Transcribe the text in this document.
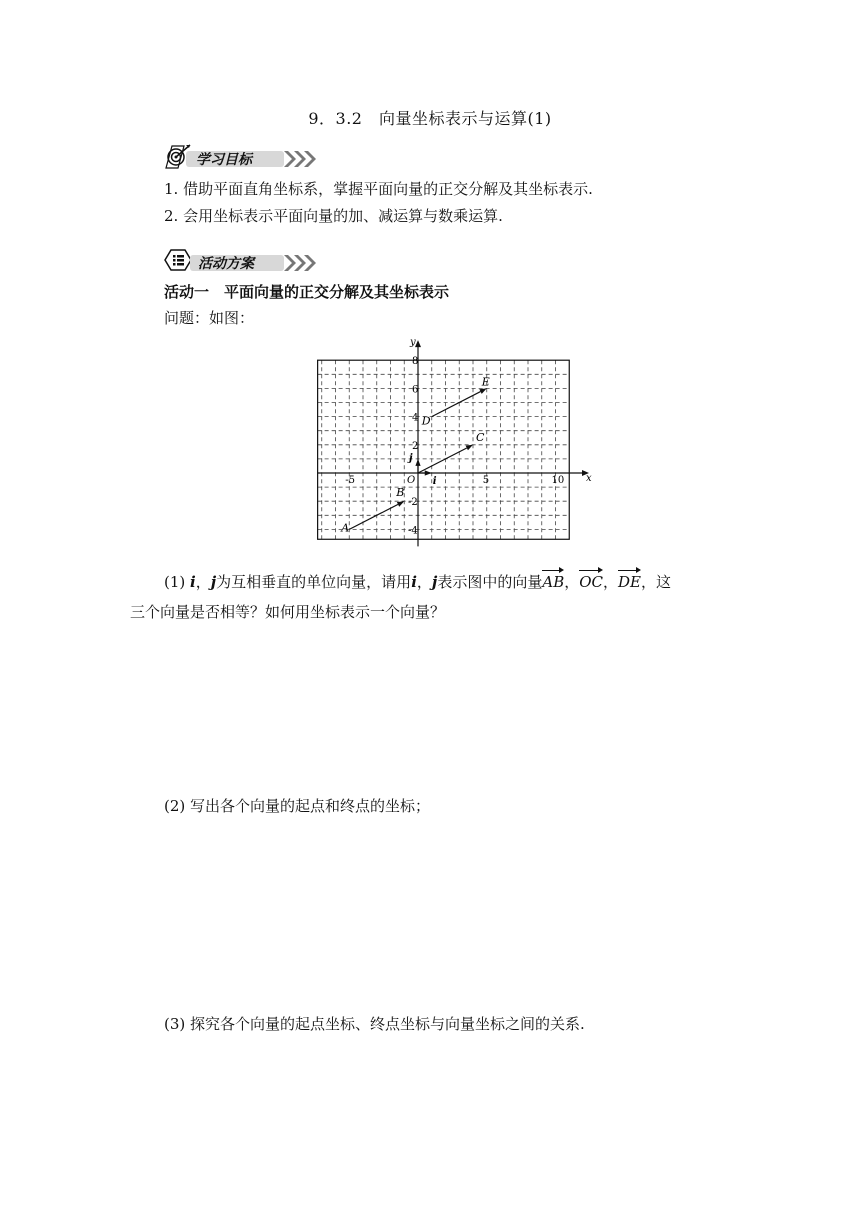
9．3.2　向量坐标表示与运算(1)
学习目标
1. 借助平面直角坐标系，掌握平面向量的正交分解及其坐标表示.
2. 会用坐标表示平面向量的加、减运算与数乘运算.
活动方案
活动一　平面向量的正交分解及其坐标表示
问题：如图：
x
y
-5	5	10
-4
-2
2
4
6
8
O
A
B
C
D
E
i
j
(1) i，j为互相垂直的单位向量，请用i，j表示图中的向量AB，OC，DE，这
三个向量是否相等？如何用坐标表示一个向量？
(2) 写出各个向量的起点和终点的坐标；
(3) 探究各个向量的起点坐标、终点坐标与向量坐标之间的关系.
